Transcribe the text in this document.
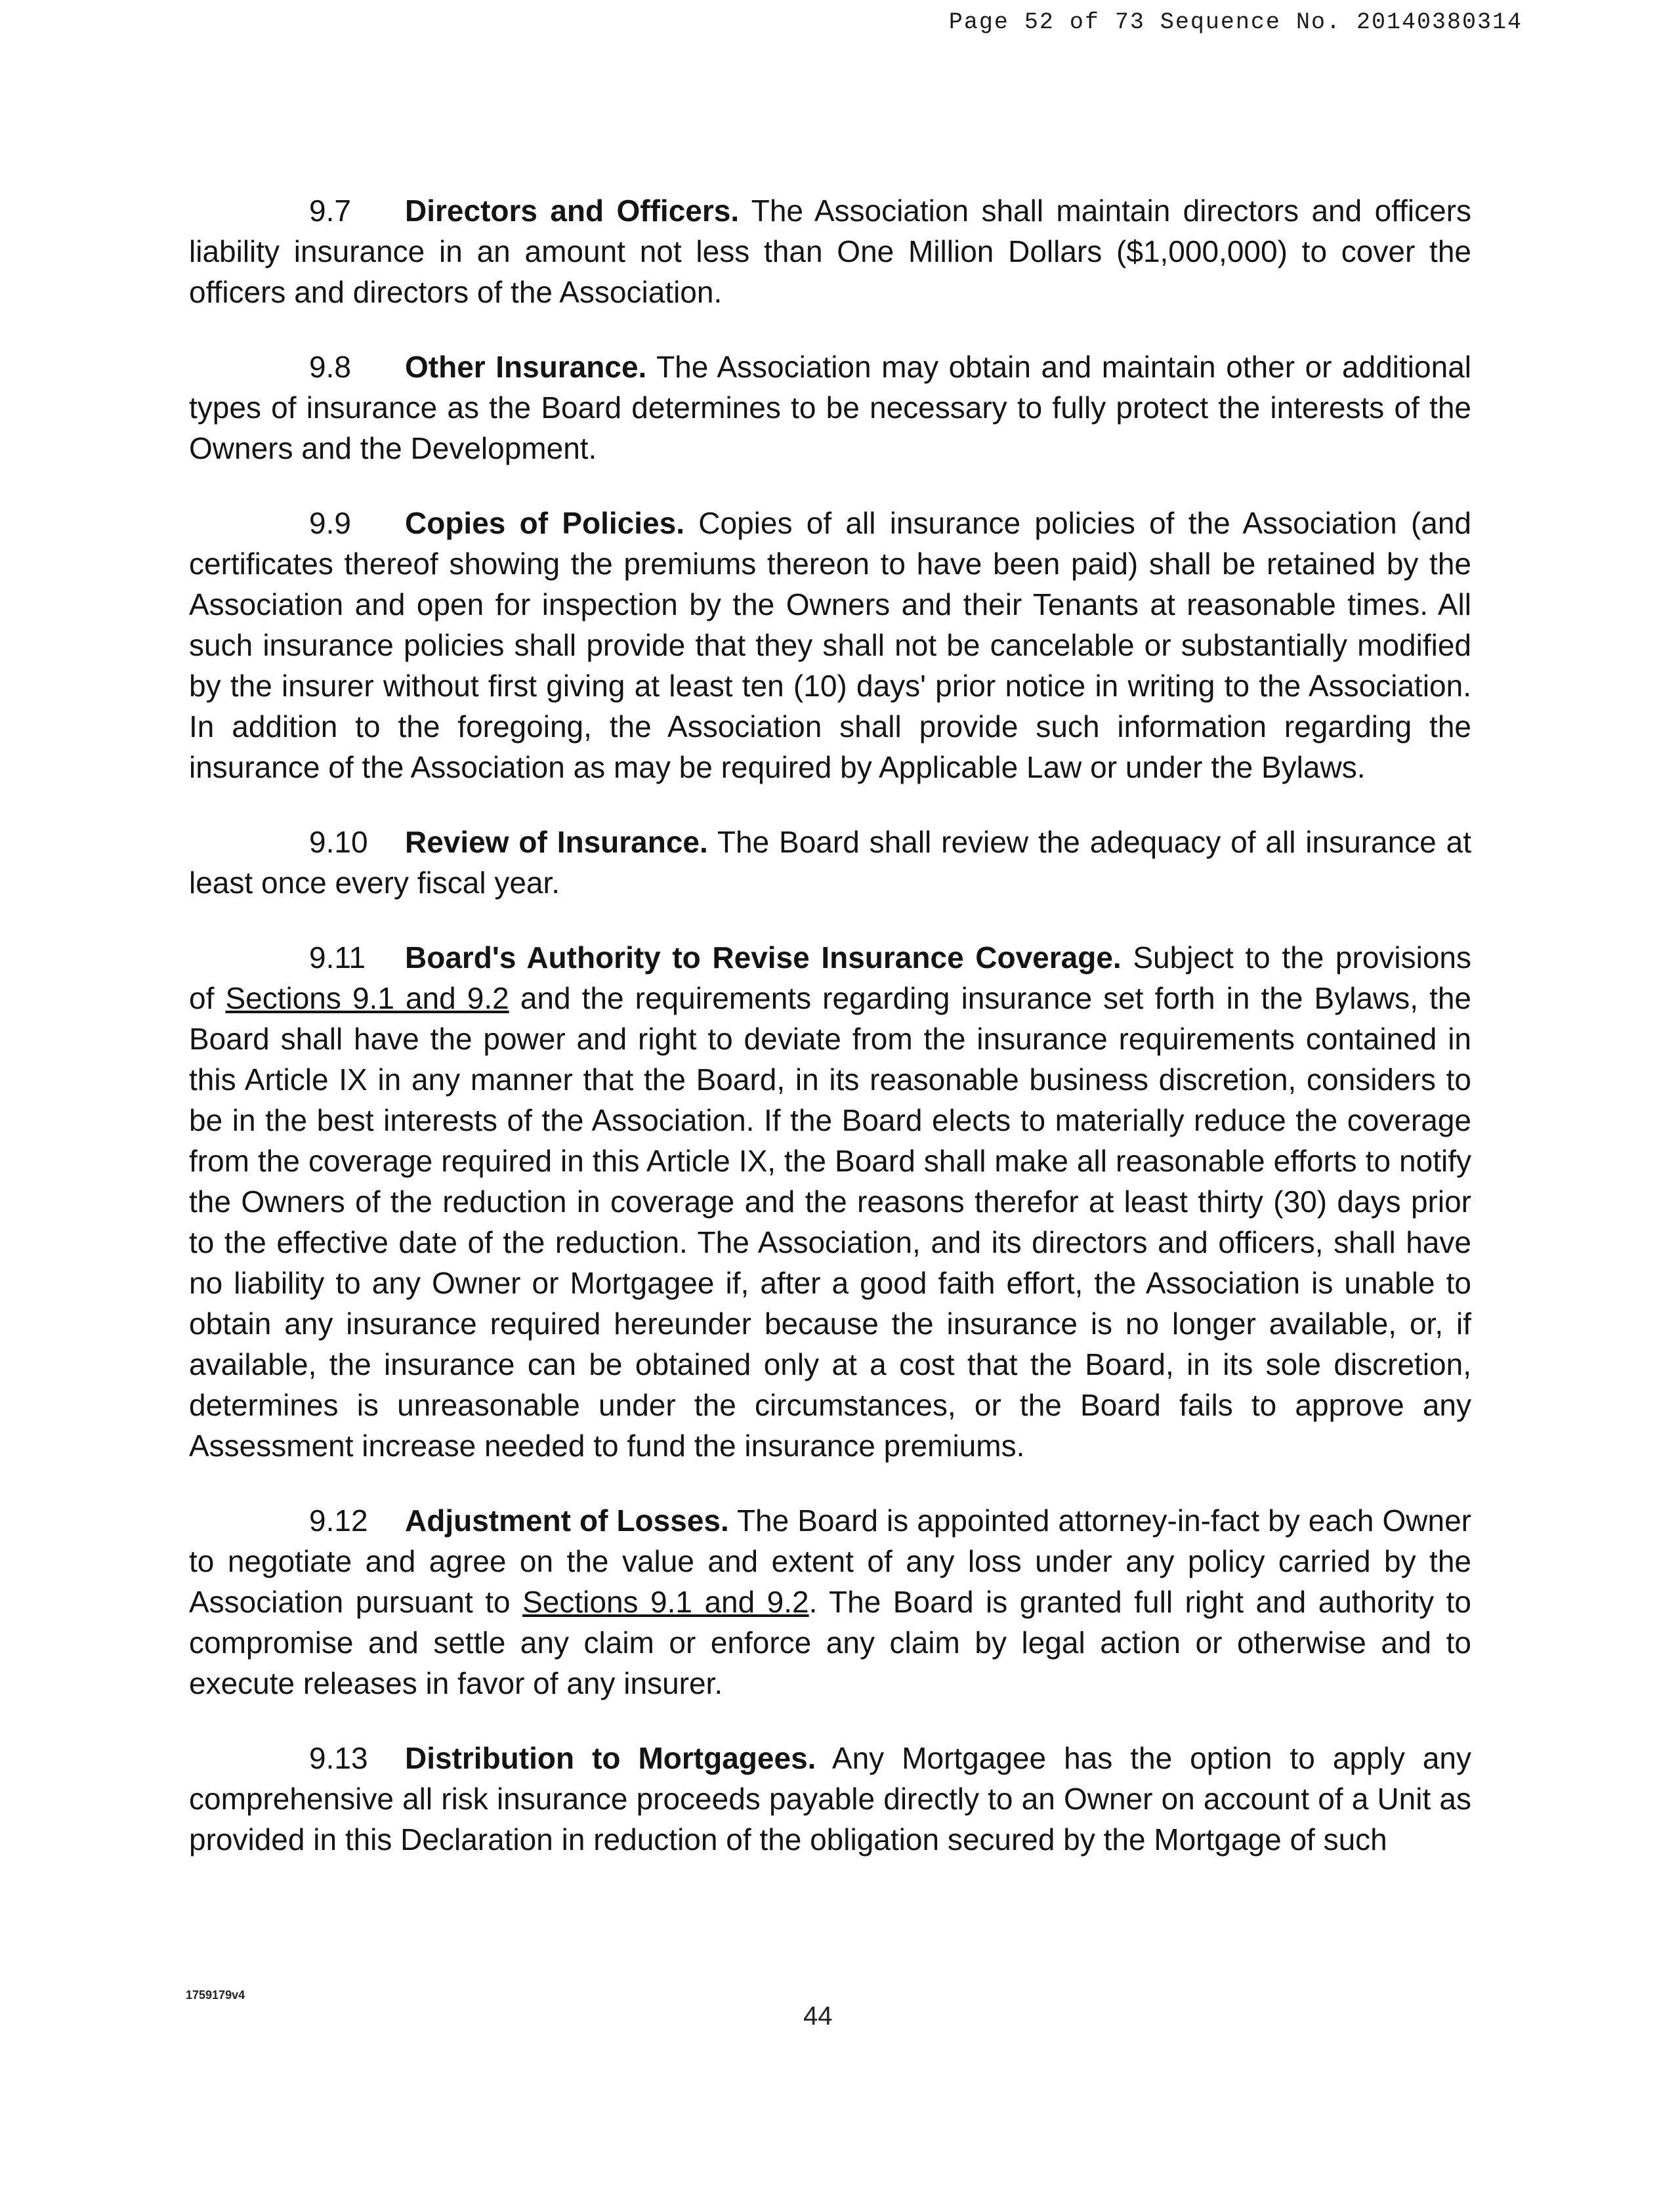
Page 52 of 73 Sequence No. 20140380314

9.7 Directors and Officers. The Association shall maintain directors and officers liability insurance in an amount not less than One Million Dollars ($1,000,000) to cover the officers and directors of the Association.

9.8 Other Insurance. The Association may obtain and maintain other or additional types of insurance as the Board determines to be necessary to fully protect the interests of the Owners and the Development.

9.9 Copies of Policies. Copies of all insurance policies of the Association (and certificates thereof showing the premiums thereon to have been paid) shall be retained by the Association and open for inspection by the Owners and their Tenants at reasonable times. All such insurance policies shall provide that they shall not be cancelable or substantially modified by the insurer without first giving at least ten (10) days' prior notice in writing to the Association. In addition to the foregoing, the Association shall provide such information regarding the insurance of the Association as may be required by Applicable Law or under the Bylaws.

9.10 Review of Insurance. The Board shall review the adequacy of all insurance at least once every fiscal year.

9.11 Board's Authority to Revise Insurance Coverage. Subject to the provisions of Sections 9.1 and 9.2 and the requirements regarding insurance set forth in the Bylaws, the Board shall have the power and right to deviate from the insurance requirements contained in this Article IX in any manner that the Board, in its reasonable business discretion, considers to be in the best interests of the Association. If the Board elects to materially reduce the coverage from the coverage required in this Article IX, the Board shall make all reasonable efforts to notify the Owners of the reduction in coverage and the reasons therefor at least thirty (30) days prior to the effective date of the reduction. The Association, and its directors and officers, shall have no liability to any Owner or Mortgagee if, after a good faith effort, the Association is unable to obtain any insurance required hereunder because the insurance is no longer available, or, if available, the insurance can be obtained only at a cost that the Board, in its sole discretion, determines is unreasonable under the circumstances, or the Board fails to approve any Assessment increase needed to fund the insurance premiums.

9.12 Adjustment of Losses. The Board is appointed attorney-in-fact by each Owner to negotiate and agree on the value and extent of any loss under any policy carried by the Association pursuant to Sections 9.1 and 9.2. The Board is granted full right and authority to compromise and settle any claim or enforce any claim by legal action or otherwise and to execute releases in favor of any insurer.

9.13 Distribution to Mortgagees. Any Mortgagee has the option to apply any comprehensive all risk insurance proceeds payable directly to an Owner on account of a Unit as provided in this Declaration in reduction of the obligation secured by the Mortgage of such

1759179v4
44
